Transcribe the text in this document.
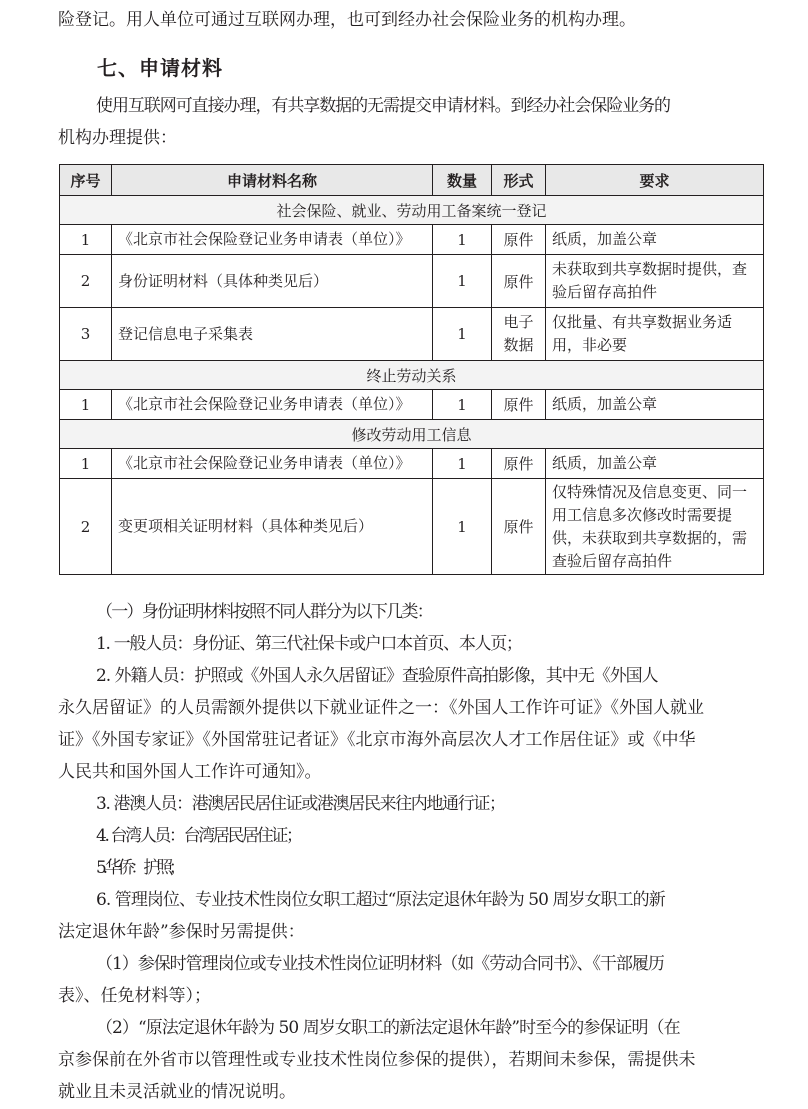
险登记。用人单位可通过互联网办理，也可到经办社会保险业务的机构办理。

七、申请材料

使用互联网可直接办理，有共享数据的无需提交申请材料。到经办社会保险业务的

机构办理提供：

序号	申请材料名称	数量	形式	要求
社会保险、就业、劳动用工备案统一登记				
1	《北京市社会保险登记业务申请表（单位）》	1	原件	纸质，加盖公章
2	身份证明材料（具体种类见后）	1	原件	未获取到共享数据时提供，查验后留存高拍件
3	登记信息电子采集表	1	电子数据	仅批量、有共享数据业务适用，非必要
终止劳动关系				
1	《北京市社会保险登记业务申请表（单位）》	1	原件	纸质，加盖公章
修改劳动用工信息				
1	《北京市社会保险登记业务申请表（单位）》	1	原件	纸质，加盖公章
2	变更项相关证明材料（具体种类见后）	1	原件	仅特殊情况及信息变更、同一用工信息多次修改时需要提供，未获取到共享数据的，需查验后留存高拍件

（一）身份证明材料按照不同人群分为以下几类：

1. 一般人员：身份证、第三代社保卡或户口本首页、本人页；

2. 外籍人员：护照或《外国人永久居留证》查验原件高拍影像，其中无《外国人

永久居留证》的人员需额外提供以下就业证件之一：《外国人工作许可证》《外国人就业

证》《外国专家证》《外国常驻记者证》《北京市海外高层次人才工作居住证》或《中华

人民共和国外国人工作许可通知》。

3. 港澳人员：港澳居民居住证或港澳居民来往内地通行证；

4. 台湾人员：台湾居民居住证；

5. 华侨：护照；

6. 管理岗位、专业技术性岗位女职工超过“原法定退休年龄为 50 周岁女职工的新

法定退休年龄”参保时另需提供：

（1）参保时管理岗位或专业技术性岗位证明材料（如《劳动合同书》、《干部履历

表》、任免材料等）；

（2）“原法定退休年龄为 50 周岁女职工的新法定退休年龄”时至今的参保证明（在

京参保前在外省市以管理性或专业技术性岗位参保的提供），若期间未参保，需提供未

就业且未灵活就业的情况说明。
